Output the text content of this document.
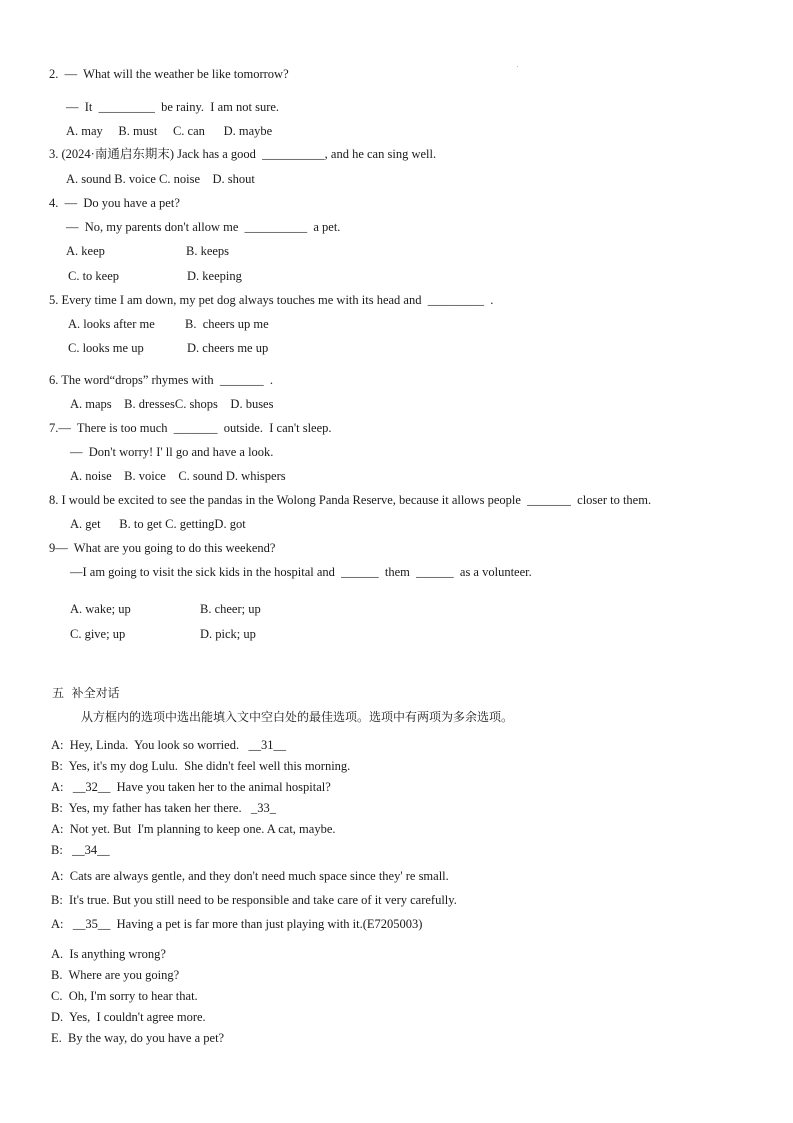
2.  —  What will the weather be like tomorrow?
—  It  _________  be rainy.  I am not sure.
A. may     B. must     C. can      D. maybe
3. (2024·南通启东期末) Jack has a good  __________, and he can sing well.
A. sound B. voice C. noise    D. shout
4.  —  Do you have a pet?
—  No, my parents don't allow me  __________  a pet.
A. keep	B. keeps
C. to keep	D. keeping
5. Every time I am down, my pet dog always touches me with its head and  _________  .
A. looks after me B.  cheers up me
C. looks me up	D. cheers me up
6. The word“drops” rhymes with  _______  .
A. maps    B. dressesC. shops    D. buses
7.—  There is too much  _______  outside.  I can't sleep.
—  Don't worry! I' ll go and have a look.
A. noise    B. voice    C. sound D. whispers
8. I would be excited to see the pandas in the Wolong Panda Reserve, because it allows people  _______  closer to them.
A. get      B. to get C. gettingD. got
9—  What are you going to do this weekend?
—I am going to visit the sick kids in the hospital and  ______  them  ______  as a volunteer.
A. wake; up	B. cheer; up
C. give; up	D. pick; up
五  补全对话
从方框内的选项中选出能填入文中空白处的最佳选项。选项中有两项为多余选项。
A:  Hey, Linda.  You look so worried.   __31__
B:  Yes, it's my dog Lulu.  She didn't feel well this morning.
A:   __32__  Have you taken her to the animal hospital?
B:  Yes, my father has taken her there.   _33_
A:  Not yet. But  I'm planning to keep one. A cat, maybe.
B:   __34__
A:  Cats are always gentle, and they don't need much space since they' re small.
B:  It's true. But you still need to be responsible and take care of it very carefully.
A:   __35__  Having a pet is far more than just playing with it.(E7205003)
A.  Is anything wrong?
B.  Where are you going?
C.  Oh, I'm sorry to hear that.
D.  Yes,  I couldn't agree more.
E.  By the way, do you have a pet?
